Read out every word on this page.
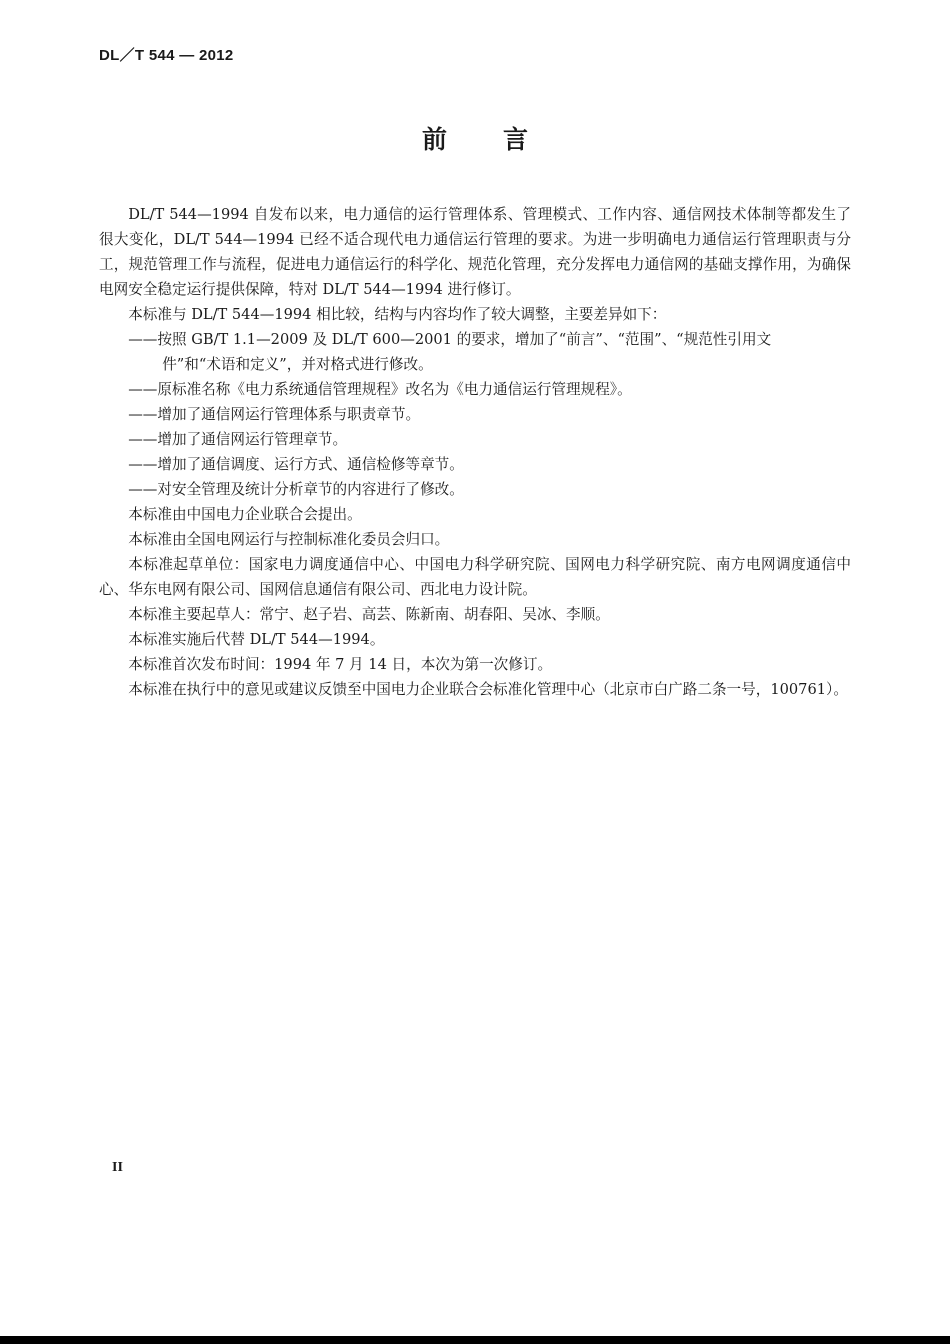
DL／T 544 — 2012
前言

DL/T 544—1994 自发布以来，电力通信的运行管理体系、管理模式、工作内容、通信网技术体制等都发生了很大变化，DL/T 544—1994 已经不适合现代电力通信运行管理的要求。为进一步明确电力通信运行管理职责与分工，规范管理工作与流程，促进电力通信运行的科学化、规范化管理，充分发挥电力通信网的基础支撑作用，为确保电网安全稳定运行提供保障，特对 DL/T 544—1994 进行修订。

本标准与 DL/T 544—1994 相比较，结构与内容均作了较大调整，主要差异如下：

——按照 GB/T 1.1—2009 及 DL/T 600—2001 的要求，增加了“前言”、“范围”、“规范性引用文

件”和“术语和定义”，并对格式进行修改。

——原标准名称《电力系统通信管理规程》改名为《电力通信运行管理规程》。

——增加了通信网运行管理体系与职责章节。

——增加了通信网运行管理章节。

——增加了通信调度、运行方式、通信检修等章节。

——对安全管理及统计分析章节的内容进行了修改。

本标准由中国电力企业联合会提出。

本标准由全国电网运行与控制标准化委员会归口。

本标准起草单位：国家电力调度通信中心、中国电力科学研究院、国网电力科学研究院、南方电网调度通信中心、华东电网有限公司、国网信息通信有限公司、西北电力设计院。

本标准主要起草人：常宁、赵子岩、高芸、陈新南、胡春阳、吴冰、李顺。

本标准实施后代替 DL/T 544—1994。

本标准首次发布时间：1994 年 7 月 14 日，本次为第一次修订。

本标准在执行中的意见或建议反馈至中国电力企业联合会标准化管理中心（北京市白广路二条一号，100761）。

II
